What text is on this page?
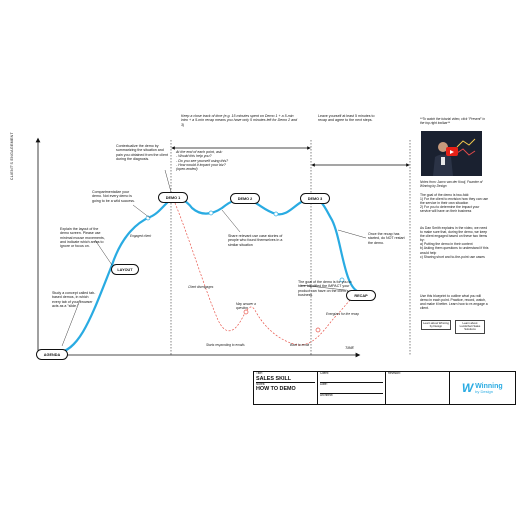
CLIENT'S ENGAGEMENT
TIME
AGENDA
LAYOUT
DEMO 1	DEMO 2	DEMO 3
RECAP
Study a concept called tab-based demos, in which every tab of your browser acts as a "slide."
Explain the layout of the demo screen. Please use minimal mouse movements, and indicate which areas to ignore or focus on.
Compartmentalize your demo. Not every demo is going to be a wild success.
Contextualize the demo by summarizing the situation and pain you obtained from the client during the diagnosis.
Keep a close track of time (e.g. 15 minutes spent on Demo 1 + a 5-min intro + a 5-min recap means you have only 5 minutes left for Demo 2 and 3)
At the end of each point, ask:
- Would this help you?
- Do you see yourself using this?
- How would it impact your biz?
(open-ended)
Leave yourself at least 5 minutes to recap and agree to the next steps.
Share relevant use case stories of people who found themselves in a similar situation
The goal of the demo is for you to have identified the IMPACT your product can have on the client's business.
Once the recap has started, do NOT restart the demo.
Engaged client
Client disengages
May answer a question
Starts responding to emails	Back to email
Energizes for the recap
**To watch the tutorial video, click "Present" in the top right toolbar**
Notes from: Jacco van der Kooij, Founder of Winning by Design
The goal of the demo is two-fold:
1) For the client to envision how they can use the service in their own situation
2) For you to determine the impact your service will have on their business
As Dan Smith explains in the video, we need to make sure that, during the demo, we keep the client engaged based on these two items by:
a) Putting the demo in their context
b) Asking them questions to understand if this would help
c) Sharing short and to-the-point use cases
Use this blueprint to outline what you will demo in each point. Practice, record, watch, and make it better. Learn how to re-engage a client.
Learn about Winning by Design
Learn about Lucidchart Sales Solutions
Title:
SALES SKILL
Notes:
HOW TO DEMO

Client:
Date:
Architect:

Revision:

W Winning
by Design
